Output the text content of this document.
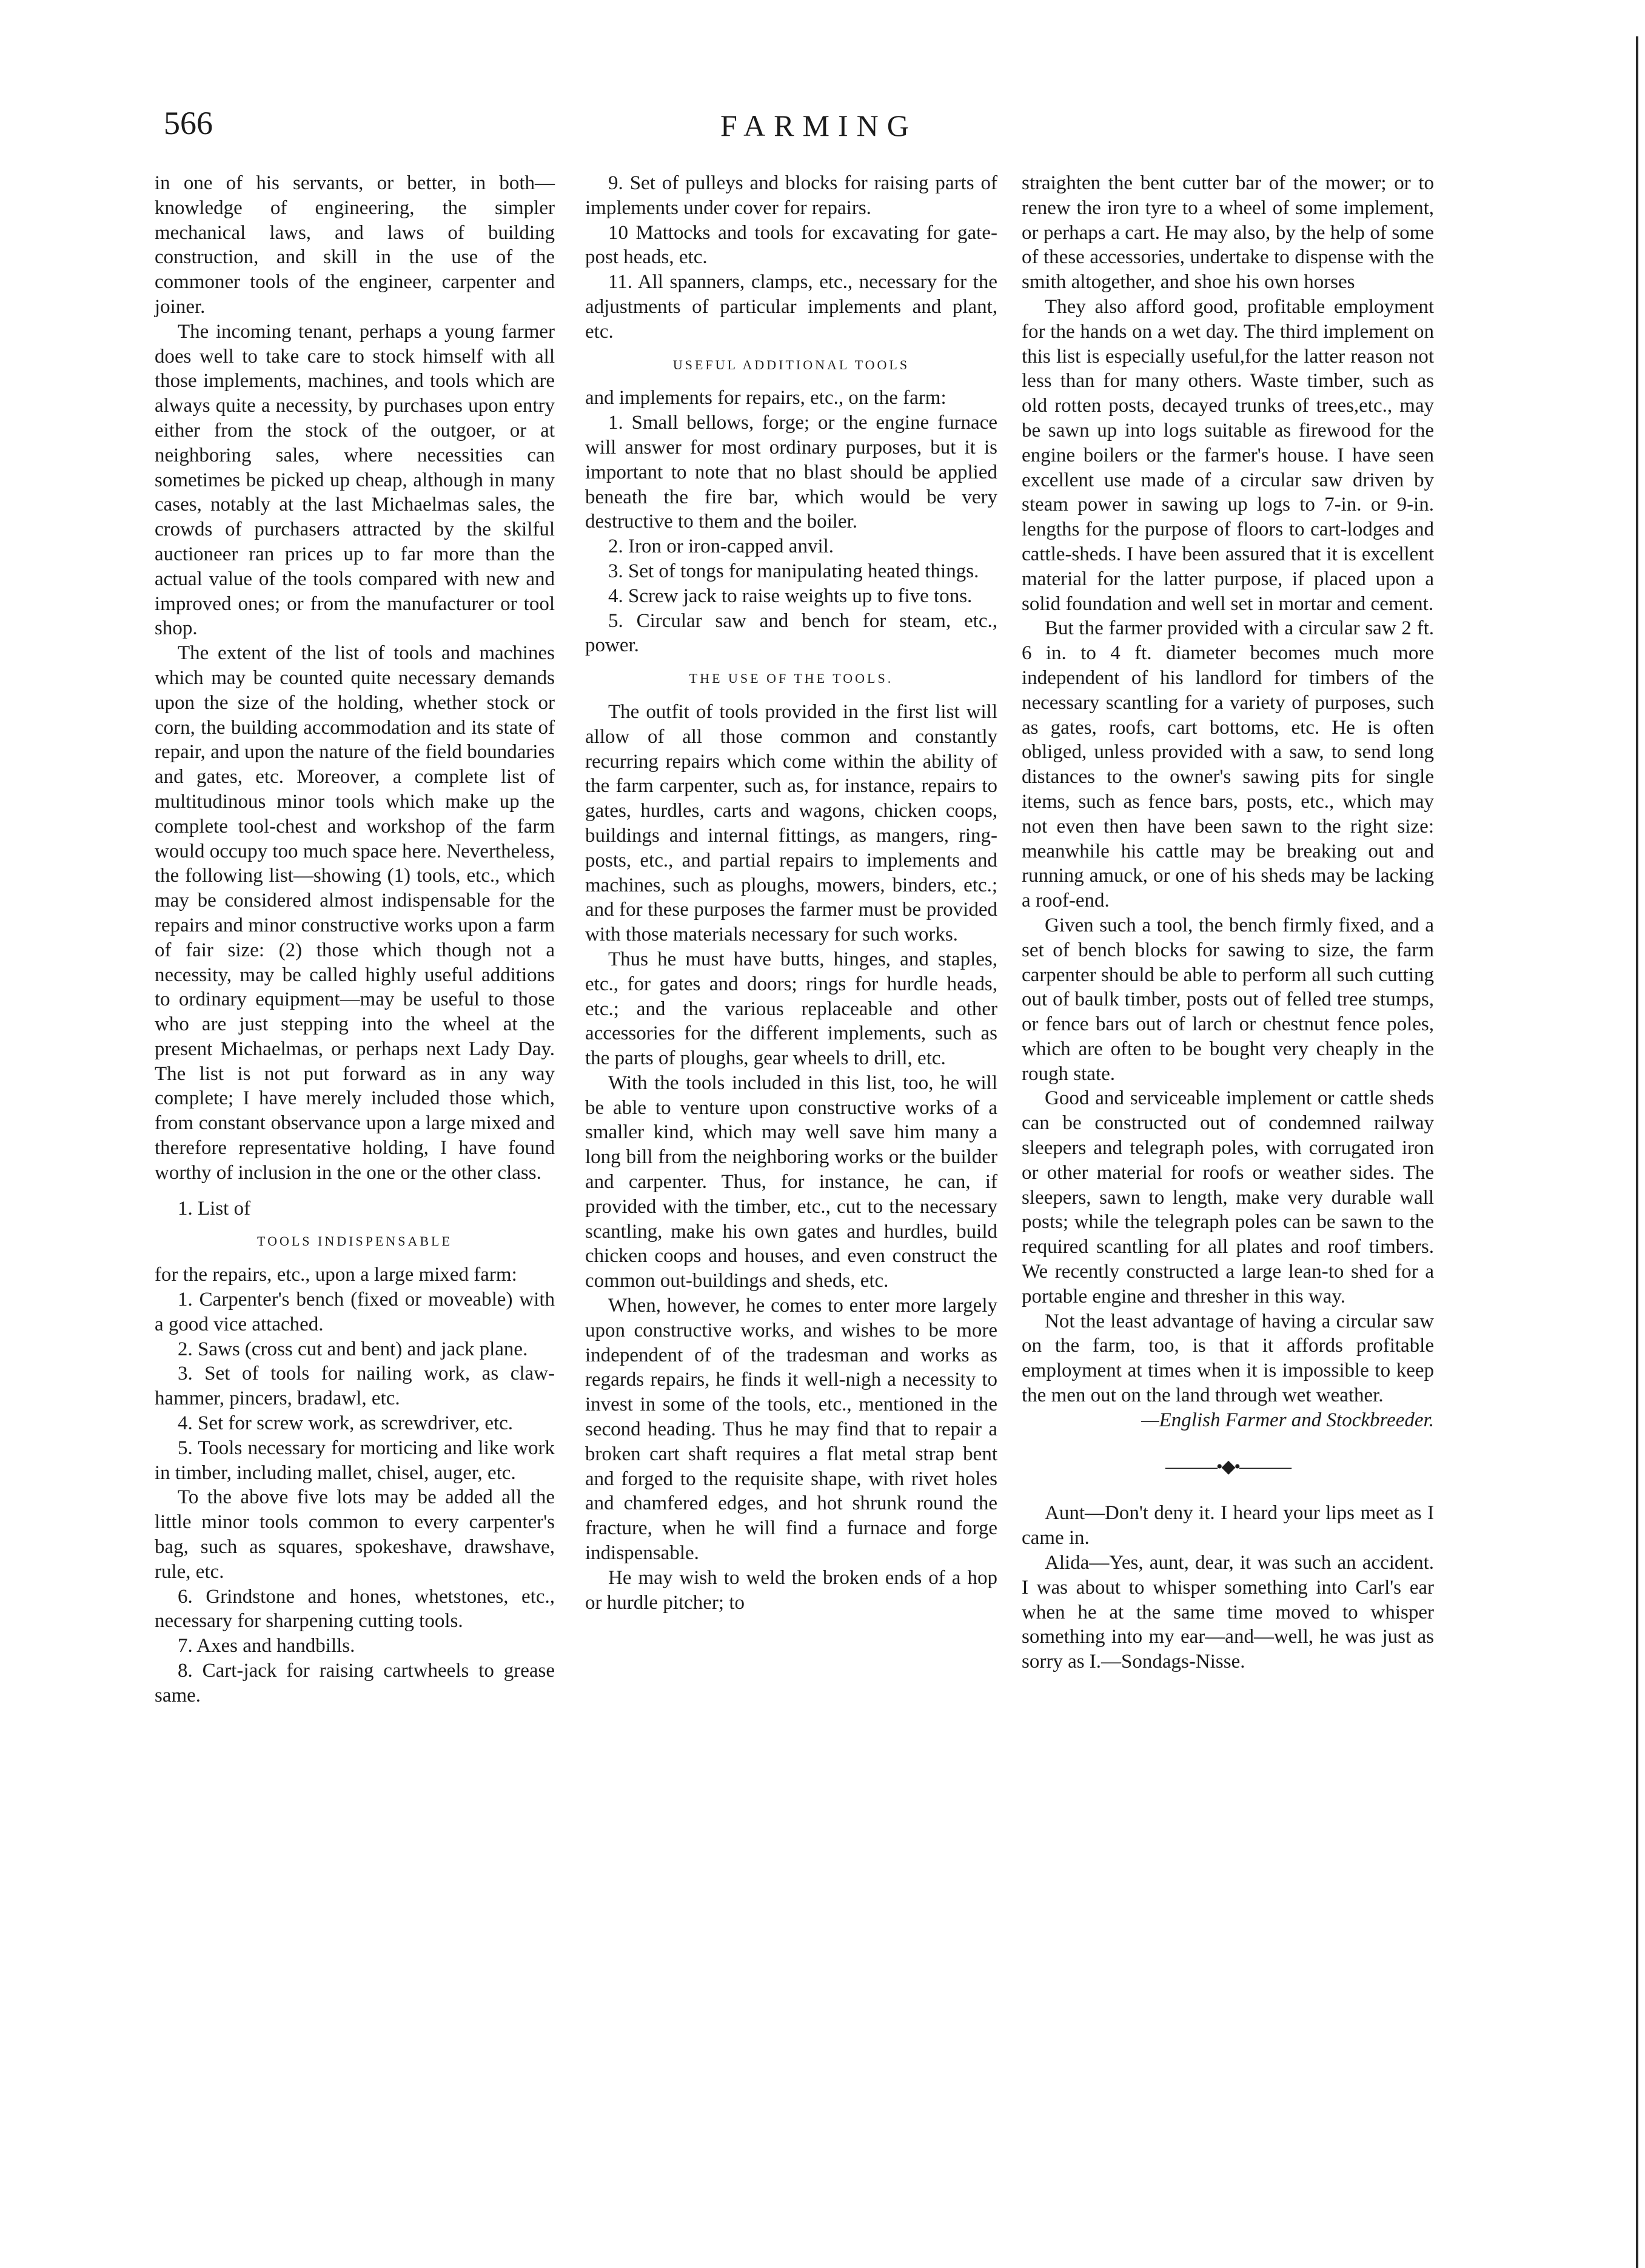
566	FARMING

in one of his servants, or better, in both—knowledge of engineering, the simpler mechanical laws, and laws of building construction, and skill in the use of the commoner tools of the engineer, carpenter and joiner.

The incoming tenant, perhaps a young farmer does well to take care to stock himself with all those implements, machines, and tools which are always quite a necessity, by purchases upon entry either from the stock of the outgoer, or at neighboring sales, where necessities can sometimes be picked up cheap, although in many cases, notably at the last Michaelmas sales, the crowds of purchasers attracted by the skilful auctioneer ran prices up to far more than the actual value of the tools compared with new and improved ones; or from the manufacturer or tool shop.

The extent of the list of tools and machines which may be counted quite necessary demands upon the size of the holding, whether stock or corn, the building accommodation and its state of repair, and upon the nature of the field boundaries and gates, etc. Moreover, a complete list of multitudinous minor tools which make up the complete tool-chest and workshop of the farm would occupy too much space here. Nevertheless, the following list—showing (1) tools, etc., which may be considered almost indispensable for the repairs and minor constructive works upon a farm of fair size: (2) those which though not a necessity, may be called highly useful additions to ordinary equipment—may be useful to those who are just stepping into the wheel at the present Michaelmas, or perhaps next Lady Day. The list is not put forward as in any way complete; I have merely included those which, from constant observance upon a large mixed and therefore representative holding, I have found worthy of inclusion in the one or the other class.

1. List of

TOOLS INDISPENSABLE

for the repairs, etc., upon a large mixed farm:

1. Carpenter's bench (fixed or moveable) with a good vice attached.

2. Saws (cross cut and bent) and jack plane.

3. Set of tools for nailing work, as claw-hammer, pincers, bradawl, etc.

4. Set for screw work, as screwdriver, etc.

5. Tools necessary for morticing and like work in timber, including mallet, chisel, auger, etc.

To the above five lots may be added all the little minor tools common to every carpenter's bag, such as squares, spokeshave, drawshave, rule, etc.

6. Grindstone and hones, whetstones, etc., necessary for sharpening cutting tools.

7. Axes and handbills.

8. Cart-jack for raising cartwheels to grease same.

9. Set of pulleys and blocks for raising parts of implements under cover for repairs.

10 Mattocks and tools for excavating for gate-post heads, etc.

11. All spanners, clamps, etc., necessary for the adjustments of particular implements and plant, etc.

USEFUL ADDITIONAL TOOLS

and implements for repairs, etc., on the farm:

1. Small bellows, forge; or the engine furnace will answer for most ordinary purposes, but it is important to note that no blast should be applied beneath the fire bar, which would be very destructive to them and the boiler.

2. Iron or iron-capped anvil.

3. Set of tongs for manipulating heated things.

4. Screw jack to raise weights up to five tons.

5. Circular saw and bench for steam, etc., power.

THE USE OF THE TOOLS.

The outfit of tools provided in the first list will allow of all those common and constantly recurring repairs which come within the ability of the farm carpenter, such as, for instance, repairs to gates, hurdles, carts and wagons, chicken coops, buildings and internal fittings, as mangers, ring-posts, etc., and partial repairs to implements and machines, such as ploughs, mowers, binders, etc.; and for these purposes the farmer must be provided with those materials necessary for such works.

Thus he must have butts, hinges, and staples, etc., for gates and doors; rings for hurdle heads, etc.; and the various replaceable and other accessories for the different implements, such as the parts of ploughs, gear wheels to drill, etc.

With the tools included in this list, too, he will be able to venture upon constructive works of a smaller kind, which may well save him many a long bill from the neighboring works or the builder and carpenter. Thus, for instance, he can, if provided with the timber, etc., cut to the necessary scantling, make his own gates and hurdles, build chicken coops and houses, and even construct the common out-buildings and sheds, etc.

When, however, he comes to enter more largely upon constructive works, and wishes to be more independent of of the tradesman and works as regards repairs, he finds it well-nigh a necessity to invest in some of the tools, etc., mentioned in the second heading. Thus he may find that to repair a broken cart shaft requires a flat metal strap bent and forged to the requisite shape, with rivet holes and chamfered edges, and hot shrunk round the fracture, when he will find a furnace and forge indispensable.

He may wish to weld the broken ends of a hop or hurdle pitcher; to

straighten the bent cutter bar of the mower; or to renew the iron tyre to a wheel of some implement, or perhaps a cart. He may also, by the help of some of these accessories, undertake to dispense with the smith altogether, and shoe his own horses

They also afford good, profitable employment for the hands on a wet day. The third implement on this list is especially useful,for the latter reason not less than for many others. Waste timber, such as old rotten posts, decayed trunks of trees,etc., may be sawn up into logs suitable as firewood for the engine boilers or the farmer's house. I have seen excellent use made of a circular saw driven by steam power in sawing up logs to 7-in. or 9-in. lengths for the purpose of floors to cart-lodges and cattle-sheds. I have been assured that it is excellent material for the latter purpose, if placed upon a solid foundation and well set in mortar and cement.

But the farmer provided with a circular saw 2 ft. 6 in. to 4 ft. diameter becomes much more independent of his landlord for timbers of the necessary scantling for a variety of purposes, such as gates, roofs, cart bottoms, etc. He is often obliged, unless provided with a saw, to send long distances to the owner's sawing pits for single items, such as fence bars, posts, etc., which may not even then have been sawn to the right size: meanwhile his cattle may be breaking out and running amuck, or one of his sheds may be lacking a roof-end.

Given such a tool, the bench firmly fixed, and a set of bench blocks for sawing to size, the farm carpenter should be able to perform all such cutting out of baulk timber, posts out of felled tree stumps, or fence bars out of larch or chestnut fence poles, which are often to be bought very cheaply in the rough state.

Good and serviceable implement or cattle sheds can be constructed out of condemned railway sleepers and telegraph poles, with corrugated iron or other material for roofs or weather sides. The sleepers, sawn to length, make very durable wall posts; while the telegraph poles can be sawn to the required scantling for all plates and roof timbers. We recently constructed a large lean-to shed for a portable engine and thresher in this way.

Not the least advantage of having a circular saw on the farm, too, is that it affords profitable employment at times when it is impossible to keep the men out on the land through wet weather.

—English Farmer and Stockbreeder.

———•◆•———

Aunt—Don't deny it. I heard your lips meet as I came in.

Alida—Yes, aunt, dear, it was such an accident. I was about to whisper something into Carl's ear when he at the same time moved to whisper something into my ear—and—well, he was just as sorry as I.—Sondags-Nisse.
